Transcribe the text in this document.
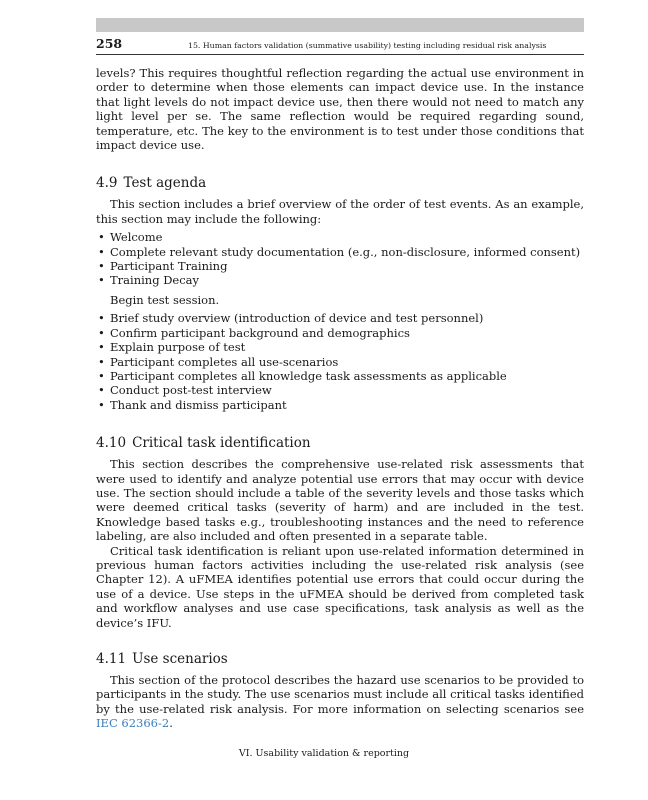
258	15. Human factors validation (summative usability) testing including residual risk analysis

levels? This requires thoughtful reflection regarding the actual use environment in order to determine when those elements can impact device use. In the instance that light levels do not impact device use, then there would not need to match any light level per se. The same reflection would be required regarding sound, temperature, etc. The key to the environment is to test under those conditions that impact device use.

4.9 Test agenda

This section includes a brief overview of the order of test events. As an example, this section may include the following:

• Welcome
• Complete relevant study documentation (e.g., non-disclosure, informed consent)
• Participant Training
• Training Decay

Begin test session.

• Brief study overview (introduction of device and test personnel)
• Confirm participant background and demographics
• Explain purpose of test
• Participant completes all use-scenarios
• Participant completes all knowledge task assessments as applicable
• Conduct post-test interview
• Thank and dismiss participant
4.10 Critical task identification

This section describes the comprehensive use-related risk assessments that were used to identify and analyze potential use errors that may occur with device use. The section should include a table of the severity levels and those tasks which were deemed critical tasks (severity of harm) and are included in the test. Knowledge based tasks e.g., troubleshooting instances and the need to reference labeling, are also included and often presented in a separate table.

Critical task identification is reliant upon use-related information determined in previous human factors activities including the use-related risk analysis (see Chapter 12). A uFMEA identifies potential use errors that could occur during the use of a device. Use steps in the uFMEA should be derived from completed task and workflow analyses and use case specifications, task analysis as well as the device’s IFU.

4.11 Use scenarios

This section of the protocol describes the hazard use scenarios to be provided to participants in the study. The use scenarios must include all critical tasks identified by the use-related risk analysis. For more information on selecting scenarios see IEC 62366-2.

VI. Usability validation & reporting
